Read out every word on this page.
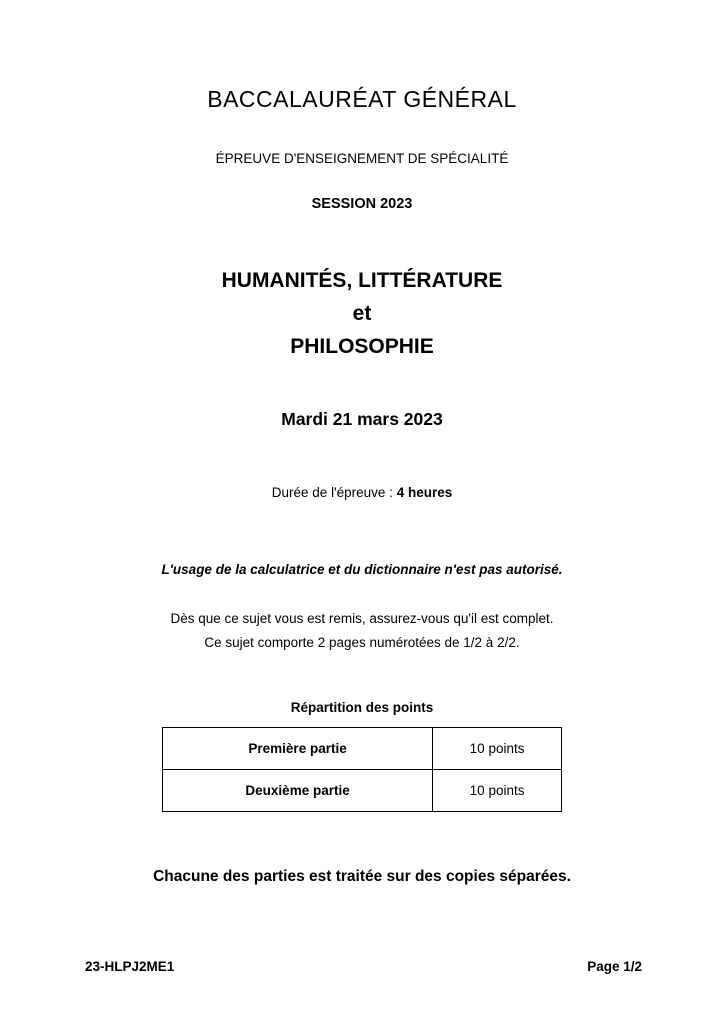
BACCALAURÉAT GÉNÉRAL
ÉPREUVE D'ENSEIGNEMENT DE SPÉCIALITÉ
SESSION 2023
HUMANITÉS, LITTÉRATURE
et
PHILOSOPHIE
Mardi 21 mars 2023
Durée de l'épreuve : 4 heures
L'usage de la calculatrice et du dictionnaire n'est pas autorisé.
Dès que ce sujet vous est remis, assurez-vous qu'il est complet.
Ce sujet comporte 2 pages numérotées de 1/2 à 2/2.
Répartition des points
Première partie	10 points
Deuxième partie	10 points
Chacune des parties est traitée sur des copies séparées.
23-HLPJ2ME1	Page 1/2
